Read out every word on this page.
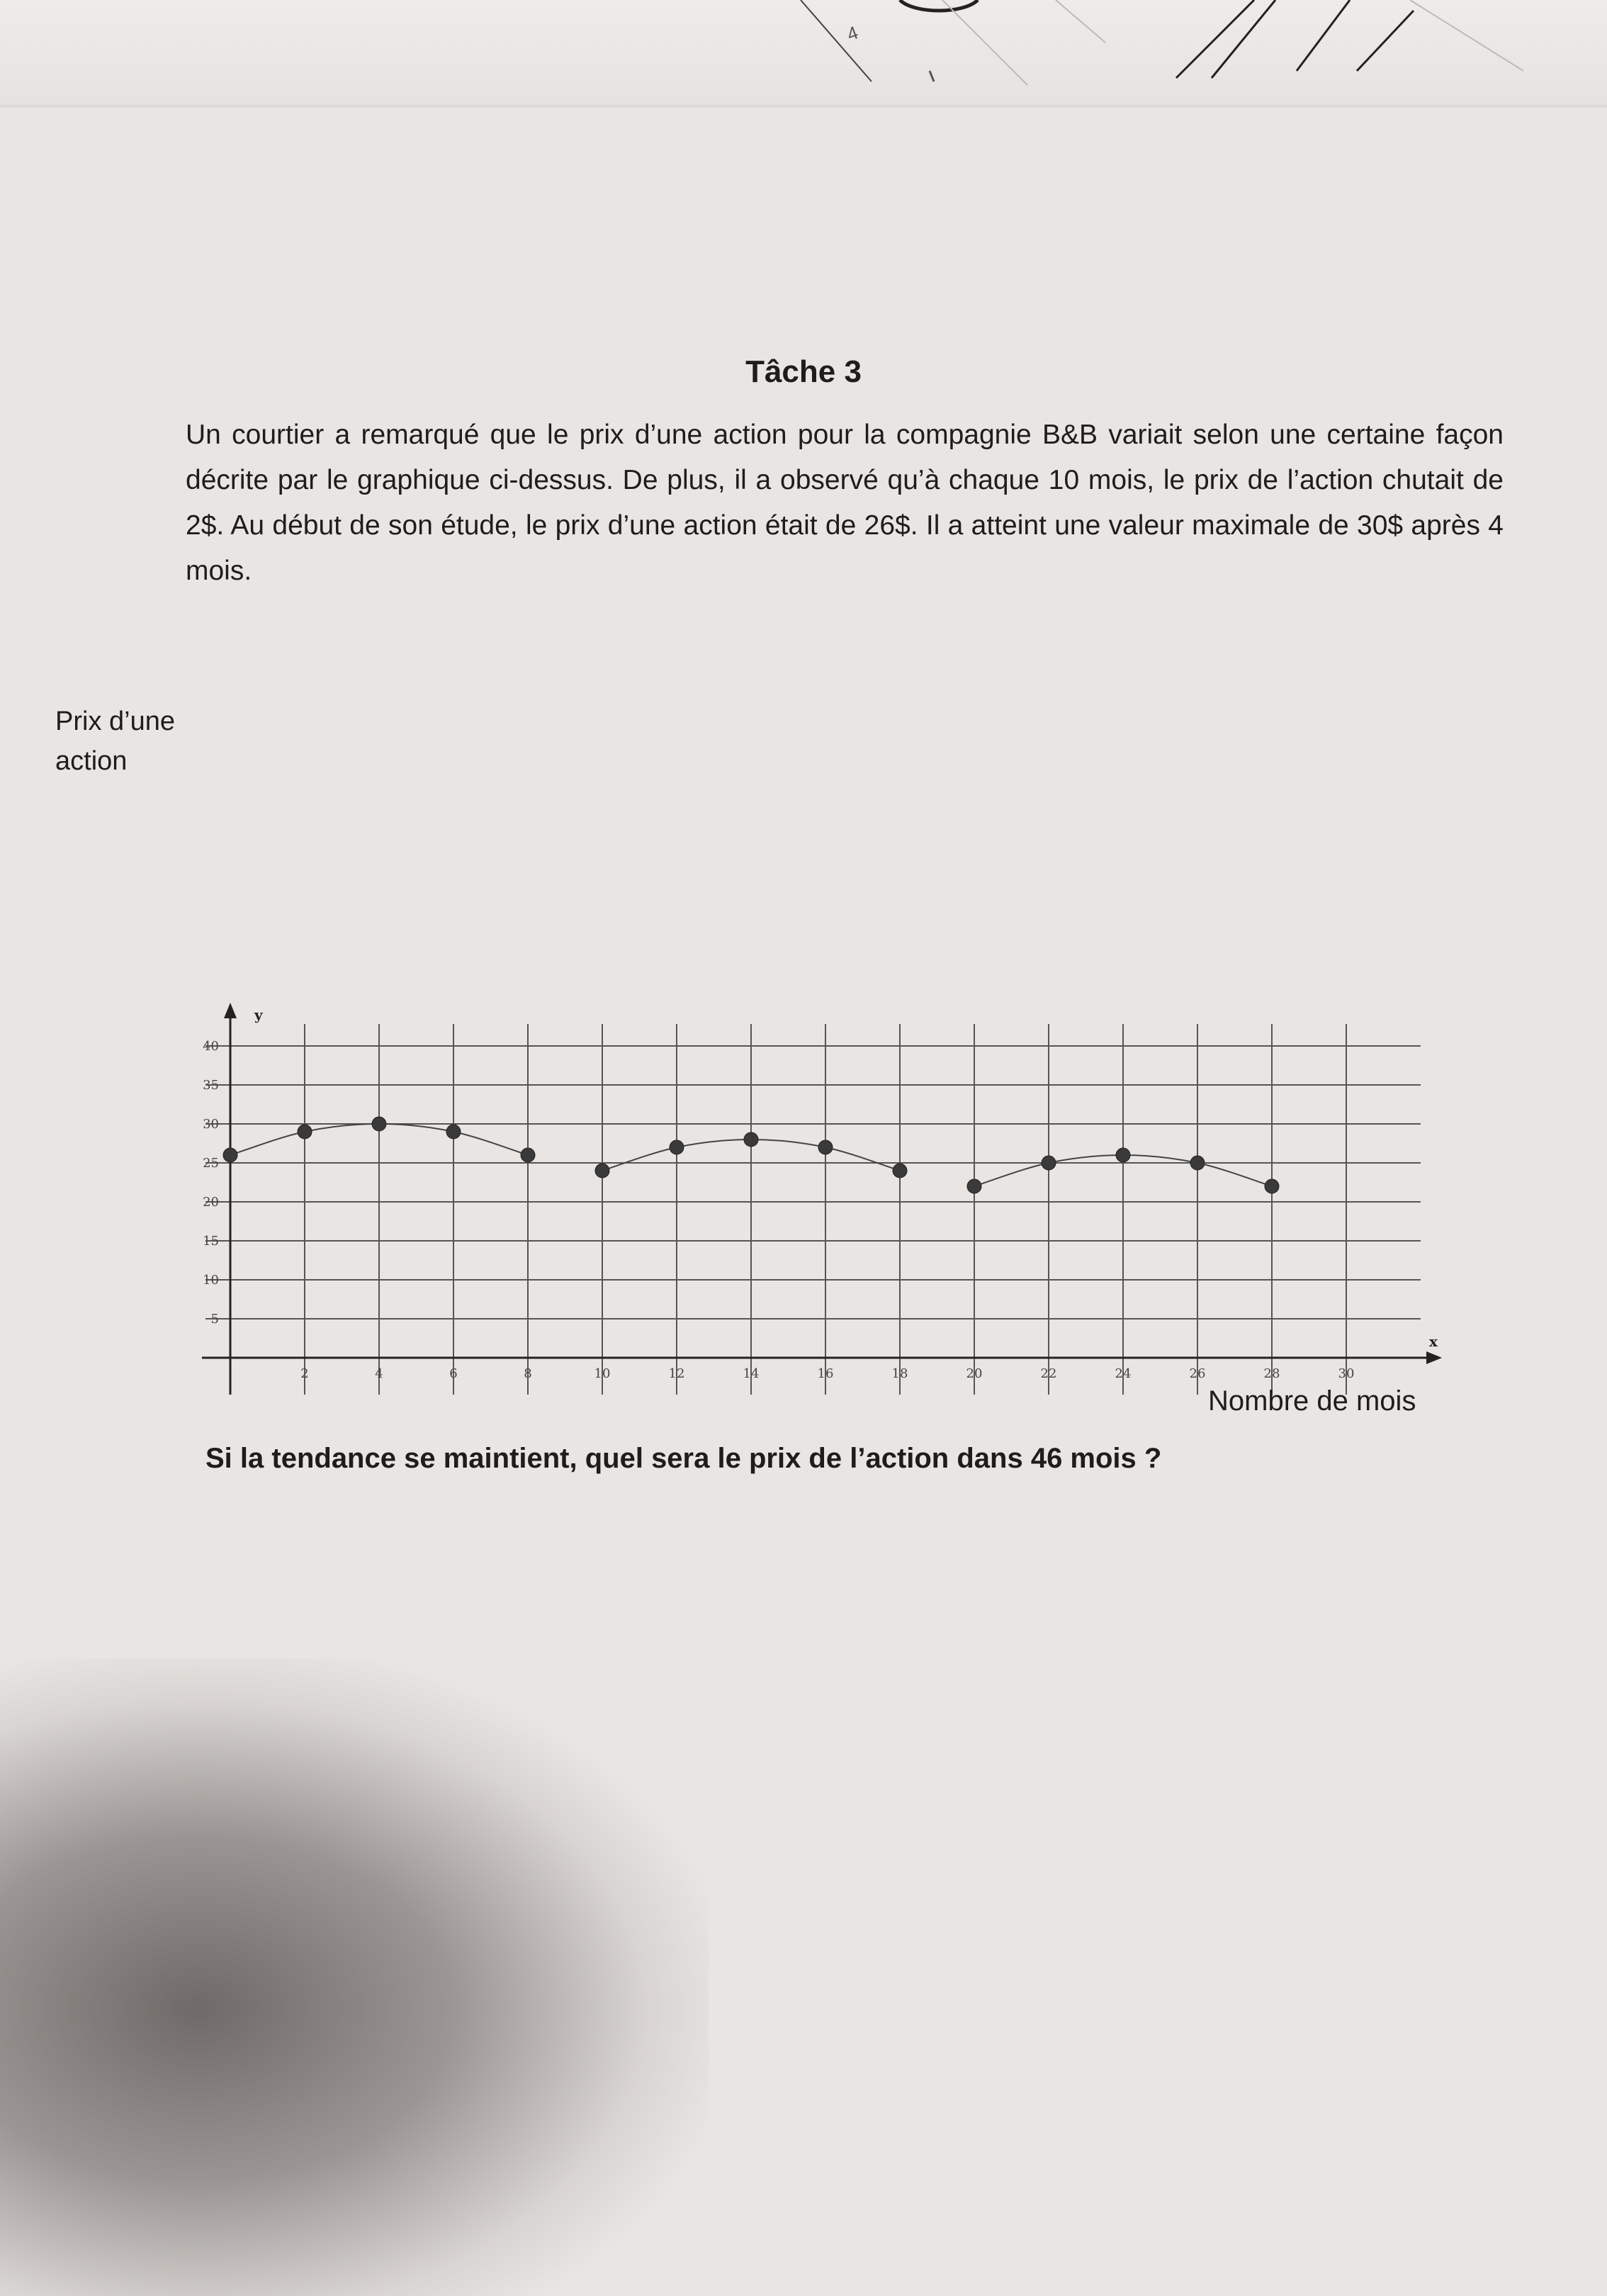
4
Tâche 3
Un courtier a remarqué que le prix d’une action pour la compagnie B&B variait selon une certaine façon décrite par le graphique ci-dessus. De plus, il a observé qu’à chaque 10 mois, le prix de l’action chutait de 2$. Au début de son étude, le prix d’une action était de 26$. Il a atteint une valeur maximale de 30$ après 4 mois.
Prix d’une action
x
y
2	4	6	8	10	12	14	16	18	20	22	24	26	28	30
5
10
15
20
25
30
35
40
Nombre de mois
Si la tendance se maintient, quel sera le prix de l’action dans 46 mois ?
